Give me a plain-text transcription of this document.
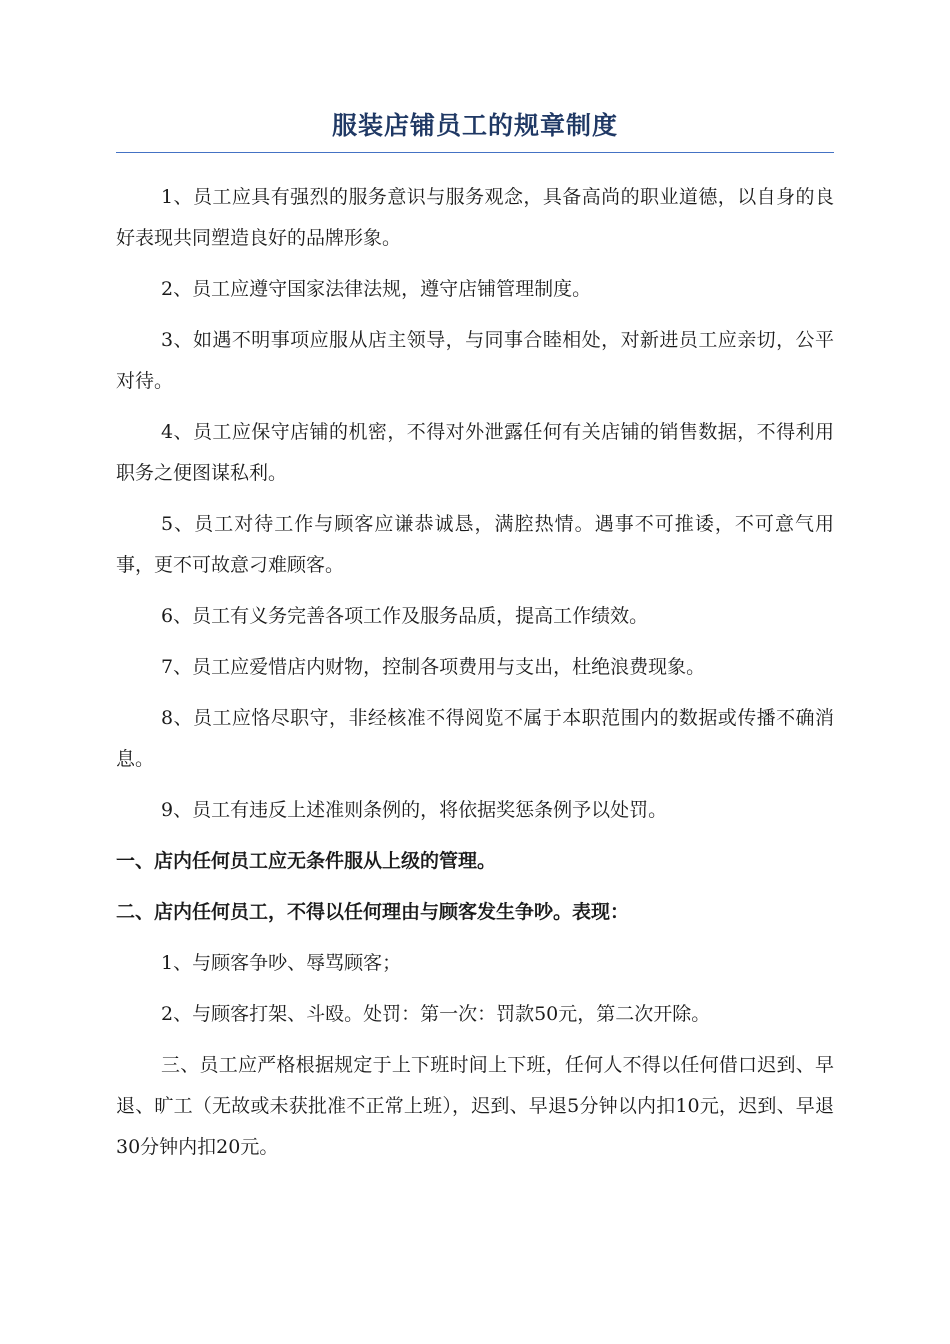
服装店铺员工的规章制度

1、员工应具有强烈的服务意识与服务观念，具备高尚的职业道德，以自身的良好表现共同塑造良好的品牌形象。

2、员工应遵守国家法律法规，遵守店铺管理制度。

3、如遇不明事项应服从店主领导，与同事合睦相处，对新进员工应亲切，公平对待。

4、员工应保守店铺的机密，不得对外泄露任何有关店铺的销售数据，不得利用职务之便图谋私利。

5、员工对待工作与顾客应谦恭诚恳，满腔热情。遇事不可推诿，不可意气用事，更不可故意刁难顾客。

6、员工有义务完善各项工作及服务品质，提高工作绩效。

7、员工应爱惜店内财物，控制各项费用与支出，杜绝浪费现象。

8、员工应恪尽职守，非经核准不得阅览不属于本职范围内的数据或传播不确消息。

9、员工有违反上述准则条例的，将依据奖惩条例予以处罚。

一、店内任何员工应无条件服从上级的管理。

二、店内任何员工，不得以任何理由与顾客发生争吵。表现：

1、与顾客争吵、辱骂顾客；

2、与顾客打架、斗殴。处罚：第一次：罚款50元，第二次开除。

三、员工应严格根据规定于上下班时间上下班，任何人不得以任何借口迟到、早退、旷工（无故或未获批准不正常上班），迟到、早退5分钟以内扣10元，迟到、早退30分钟内扣20元。
